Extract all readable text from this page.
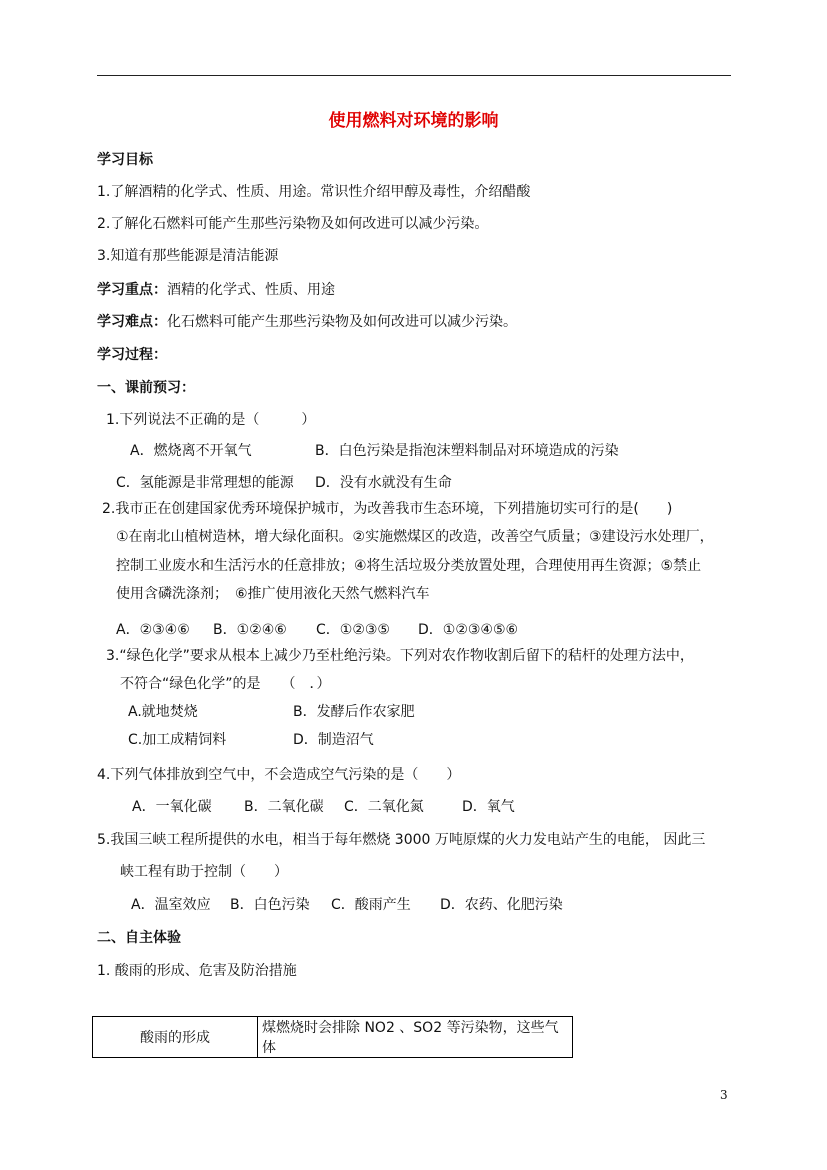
使用燃料对环境的影响
学习目标
1.了解酒精的化学式、性质、用途。常识性介绍甲醇及毒性，介绍醋酸
2.了解化石燃料可能产生那些污染物及如何改进可以减少污染。
3.知道有那些能源是清洁能源
学习重点：酒精的化学式、性质、用途
学习难点：化石燃料可能产生那些污染物及如何改进可以减少污染。
学习过程：
一、课前预习：
1.下列说法不正确的是（　　　）
A．燃烧离不开氧气	B．白色污染是指泡沫塑料制品对环境造成的污染
C．氢能源是非常理想的能源 D．没有水就没有生命
2.我市正在创建国家优秀环境保护城市，为改善我市生态环境，下列措施切实可行的是(　　)
①在南北山植树造林，增大绿化面积。②实施燃煤区的改造，改善空气质量；③建设污水处理厂，
控制工业废水和生活污水的任意排放；④将生活垃圾分类放置处理，合理使用再生资源；⑤禁止
使用含磷洗涤剂；　⑥推广使用液化天然气燃料汽车
A．②③④⑥ B．①②④⑥ C．①②③⑤ D．①②③④⑤⑥
3.“绿色化学”要求从根本上减少乃至杜绝污染。下列对农作物收割后留下的秸杆的处理方法中，
不符合“绿色化学”的是　　（　．）
A.就地焚烧	B．发酵后作农家肥
C.加工成精饲料	D．制造沼气
4.下列气体排放到空气中，不会造成空气污染的是（　　）
A．一氧化碳 B．二氧化碳 C．二氧化氮	D．氧气
5.我国三峡工程所提供的水电，相当于每年燃烧 3000 万吨原煤的火力发电站产生的电能， 因此三
峡工程有助于控制（　　）
A．温室效应 B．白色污染 C．酸雨产生 D．农药、化肥污染
二、自主体验
1. 酸雨的形成、危害及防治措施
酸雨的形成	煤燃烧时会排除 NO2 、SO2 等污染物，这些气体
3
